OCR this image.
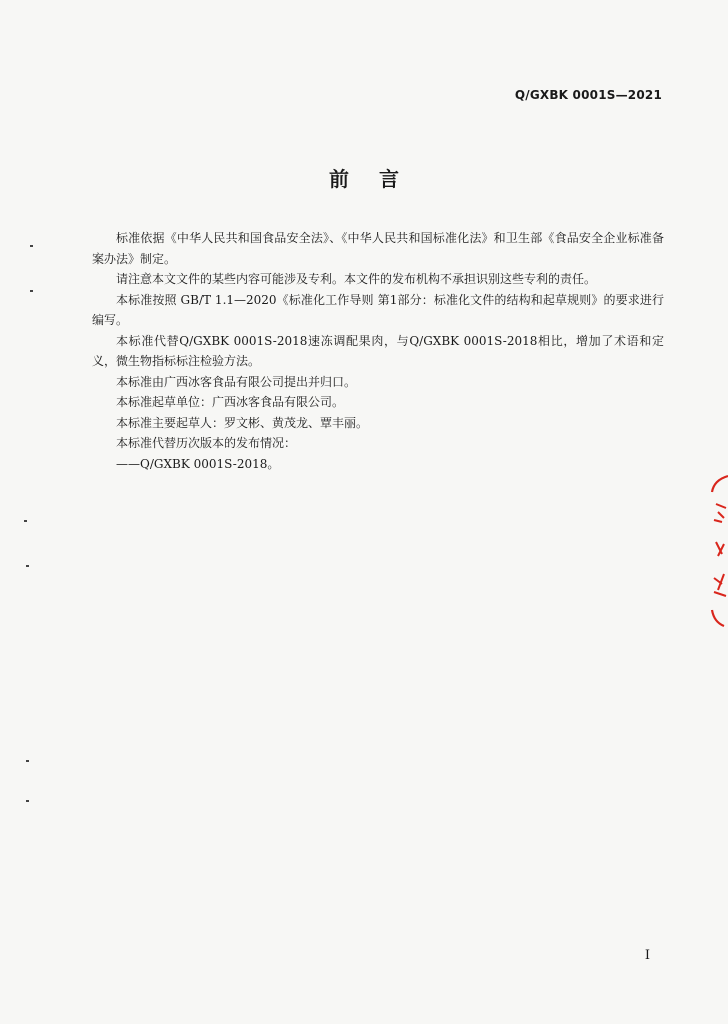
Q/GXBK 0001S—2021
前 言

标准依据《中华人民共和国食品安全法》、《中华人民共和国标准化法》和卫生部《食品安全企业标准备案办法》制定。

请注意本文文件的某些内容可能涉及专利。本文件的发布机构不承担识别这些专利的责任。

本标准按照 GB/T 1.1—2020《标准化工作导则 第1部分：标准化文件的结构和起草规则》的要求进行编写。

本标准代替Q/GXBK 0001S-2018速冻调配果肉，与Q/GXBK 0001S-2018相比，增加了术语和定义，微生物指标标注检验方法。

本标准由广西冰客食品有限公司提出并归口。

本标准起草单位：广西冰客食品有限公司。

本标准主要起草人：罗文彬、黄茂龙、覃丰丽。

本标准代替历次版本的发布情况：

——Q/GXBK 0001S-2018。

I
